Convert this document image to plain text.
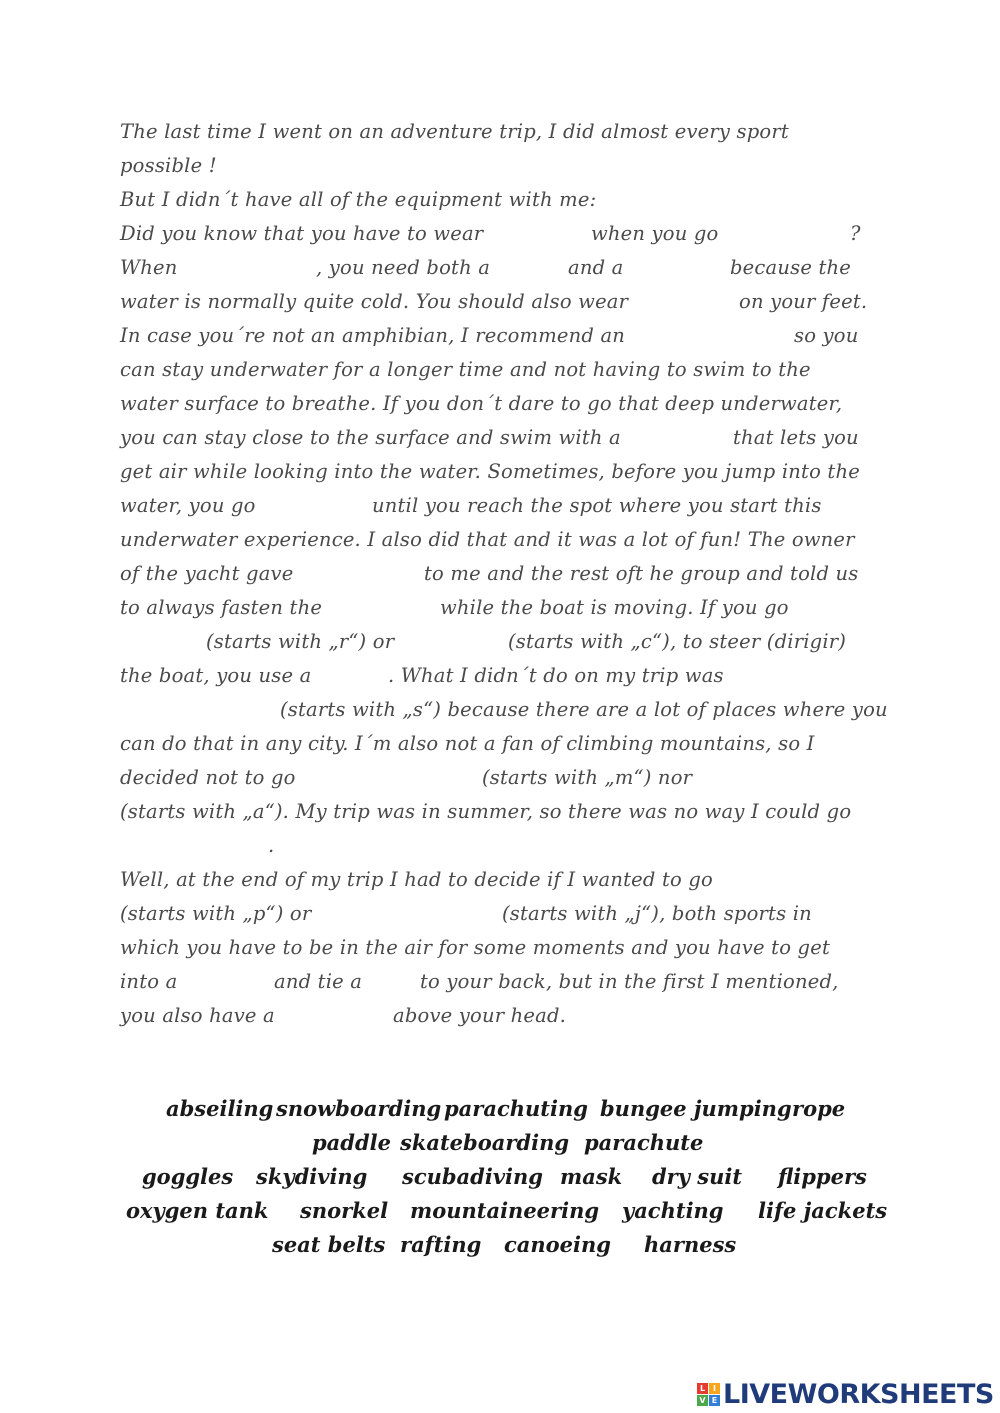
The last time I went on an adventure trip, I did almost every sport
possible !
But I didn´t have all of the equipment with me:
Did you know that you have to wear	when you go	?
When	, you need both a	and a	because the
water is normally quite cold. You should also wear	on your feet.
In case you´re not an amphibian, I recommend an	so you
can stay underwater for a longer time and not having to swim to the
water surface to breathe. If you don´t dare to go that deep underwater,
you can stay close to the surface and swim with a	that lets you
get air while looking into the water. Sometimes, before you jump into the
water, you go	until you reach the spot where you start this
underwater experience. I also did that and it was a lot of fun! The owner
of the yacht gave	to me and the rest oft he group and told us
to always fasten the	while the boat is moving. If you go
(starts with „r“) or	(starts with „c“), to steer (dirigir)
the boat, you use a	. What I didn´t do on my trip was
(starts with „s“) because there are a lot of places where you
can do that in any city. I´m also not a fan of climbing mountains, so I
decided not to go	(starts with „m“) nor
(starts with „a“). My trip was in summer, so there was no way I could go
.
Well, at the end of my trip I had to decide if I wanted to go
(starts with „p“) or	(starts with „j“), both sports in
which you have to be in the air for some moments and you have to get
into a	and tie a	to your back, but in the first I mentioned,
you also have a	above your head.
abseiling snowboarding parachuting bungee jumping rope
paddle skateboarding parachute
goggles skydiving scubadiving mask dry suit flippers
oxygen tank snorkel mountaineering yachting life jackets
seat belts rafting canoeing harness
L I
V E LIVEWORKSHEETS
